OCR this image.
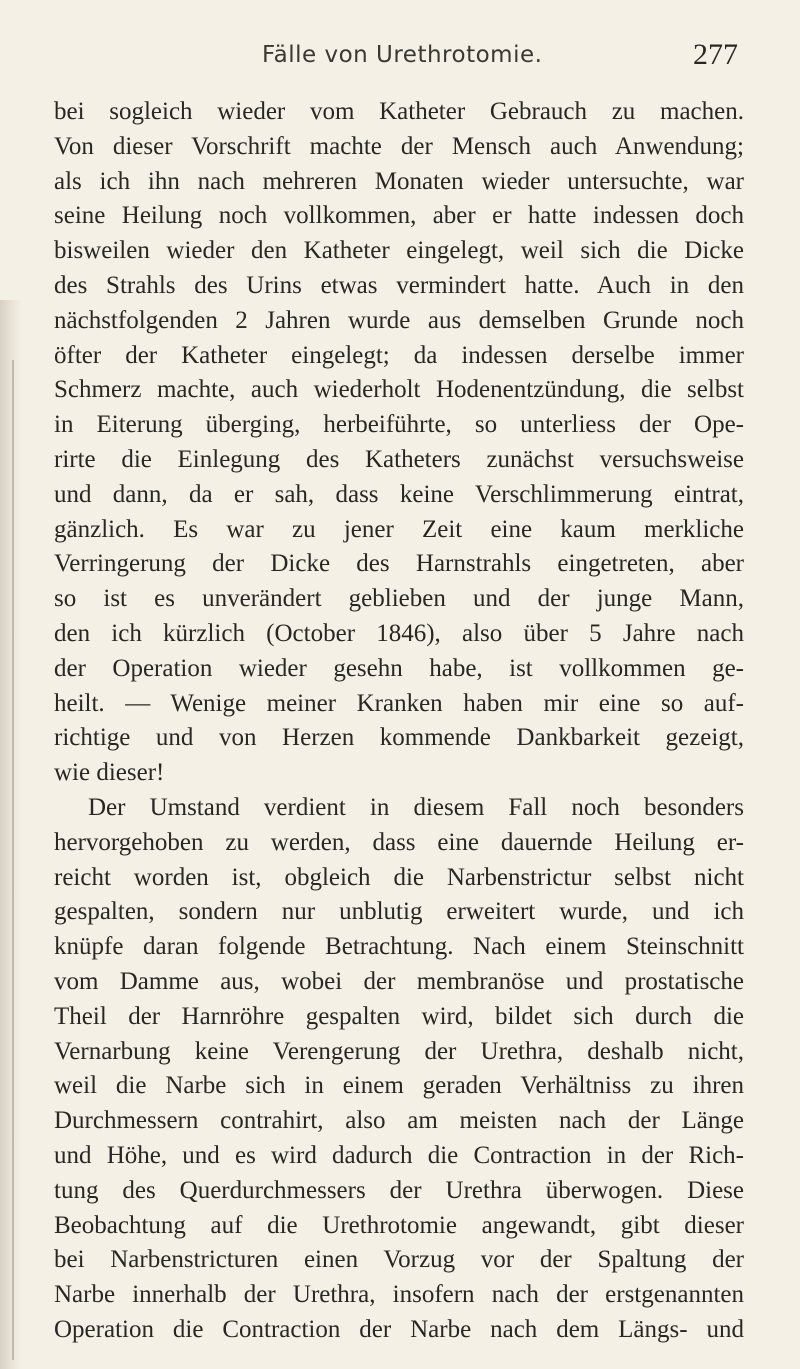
Fälle von Urethrotomie.	277
bei sogleich wieder vom Katheter Gebrauch zu machen.
Von dieser Vorschrift machte der Mensch auch Anwendung;
als ich ihn nach mehreren Monaten wieder untersuchte, war
seine Heilung noch vollkommen, aber er hatte indessen doch
bisweilen wieder den Katheter eingelegt, weil sich die Dicke
des Strahls des Urins etwas vermindert hatte. Auch in den
nächstfolgenden 2 Jahren wurde aus demselben Grunde noch
öfter der Katheter eingelegt; da indessen derselbe immer
Schmerz machte, auch wiederholt Hodenentzündung, die selbst
in Eiterung überging, herbeiführte, so unterliess der Ope-
rirte die Einlegung des Katheters zunächst versuchsweise
und dann, da er sah, dass keine Verschlimmerung eintrat,
gänzlich. Es war zu jener Zeit eine kaum merkliche
Verringerung der Dicke des Harnstrahls eingetreten, aber
so ist es unverändert geblieben und der junge Mann,
den ich kürzlich (October 1846), also über 5 Jahre nach
der Operation wieder gesehn habe, ist vollkommen ge-
heilt. — Wenige meiner Kranken haben mir eine so auf-
richtige und von Herzen kommende Dankbarkeit gezeigt,
wie dieser!
Der Umstand verdient in diesem Fall noch besonders
hervorgehoben zu werden, dass eine dauernde Heilung er-
reicht worden ist, obgleich die Narbenstrictur selbst nicht
gespalten, sondern nur unblutig erweitert wurde, und ich
knüpfe daran folgende Betrachtung. Nach einem Steinschnitt
vom Damme aus, wobei der membranöse und prostatische
Theil der Harnröhre gespalten wird, bildet sich durch die
Vernarbung keine Verengerung der Urethra, deshalb nicht,
weil die Narbe sich in einem geraden Verhältniss zu ihren
Durchmessern contrahirt, also am meisten nach der Länge
und Höhe, und es wird dadurch die Contraction in der Rich-
tung des Querdurchmessers der Urethra überwogen. Diese
Beobachtung auf die Urethrotomie angewandt, gibt dieser
bei Narbenstricturen einen Vorzug vor der Spaltung der
Narbe innerhalb der Urethra, insofern nach der erstgenannten
Operation die Contraction der Narbe nach dem Längs- und
